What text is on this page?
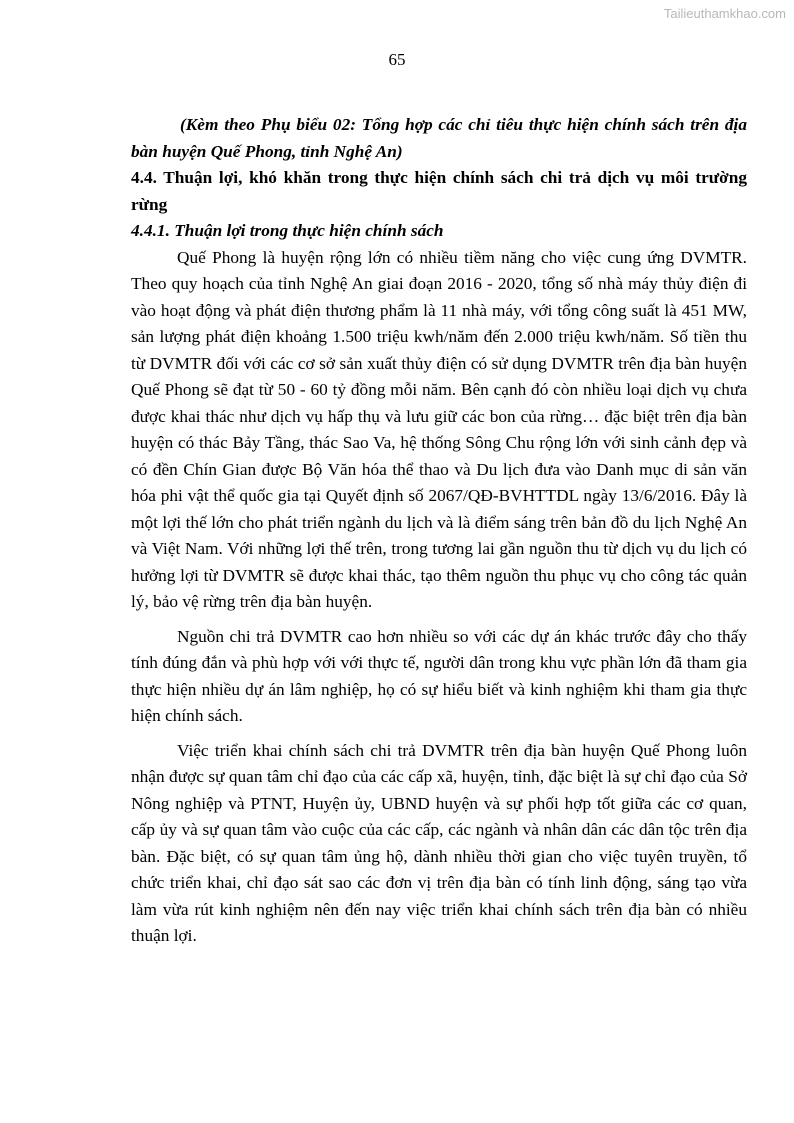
Tailieuthamkhao.com
65

(Kèm theo Phụ biểu 02: Tổng hợp các chỉ tiêu thực hiện chính sách trên địa bàn huyện Quế Phong, tỉnh Nghệ An)

4.4. Thuận lợi, khó khăn trong thực hiện chính sách chi trả dịch vụ môi trường rừng

4.4.1. Thuận lợi trong thực hiện chính sách

Quế Phong là huyện rộng lớn có nhiều tiềm năng cho việc cung ứng DVMTR. Theo quy hoạch của tỉnh Nghệ An giai đoạn 2016 - 2020, tổng số nhà máy thủy điện đi vào hoạt động và phát điện thương phẩm là 11 nhà máy, với tổng công suất là 451 MW, sản lượng phát điện khoảng 1.500 triệu kwh/năm đến 2.000 triệu kwh/năm. Số tiền thu từ DVMTR đối với các cơ sở sản xuất thủy điện có sử dụng DVMTR trên địa bàn huyện Quế Phong sẽ đạt từ 50 - 60 tỷ đồng mỗi năm. Bên cạnh đó còn nhiều loại dịch vụ chưa được khai thác như dịch vụ hấp thụ và lưu giữ các bon của rừng… đặc biệt trên địa bàn huyện có thác Bảy Tầng, thác Sao Va, hệ thống Sông Chu rộng lớn với sinh cảnh đẹp và có đền Chín Gian được Bộ Văn hóa thể thao và Du lịch đưa vào Danh mục di sản văn hóa phi vật thể quốc gia tại Quyết định số 2067/QĐ-BVHTTDL ngày 13/6/2016. Đây là một lợi thế lớn cho phát triển ngành du lịch và là điểm sáng trên bản đồ du lịch Nghệ An và Việt Nam. Với những lợi thế trên, trong tương lai gần nguồn thu từ dịch vụ du lịch có hưởng lợi từ DVMTR sẽ được khai thác, tạo thêm nguồn thu phục vụ cho công tác quản lý, bảo vệ rừng trên địa bàn huyện.

Nguồn chi trả DVMTR cao hơn nhiều so với các dự án khác trước đây cho thấy tính đúng đắn và phù hợp với với thực tế, người dân trong khu vực phần lớn đã tham gia thực hiện nhiều dự án lâm nghiệp, họ có sự hiểu biết và kinh nghiệm khi tham gia thực hiện chính sách.

Việc triển khai chính sách chi trả DVMTR trên địa bàn huyện Quế Phong luôn nhận được sự quan tâm chỉ đạo của các cấp xã, huyện, tỉnh, đặc biệt là sự chỉ đạo của Sở Nông nghiệp và PTNT, Huyện ủy, UBND huyện và sự phối hợp tốt giữa các cơ quan, cấp ủy và sự quan tâm vào cuộc của các cấp, các ngành và nhân dân các dân tộc trên địa bàn. Đặc biệt, có sự quan tâm ủng hộ, dành nhiều thời gian cho việc tuyên truyền, tổ chức triển khai, chỉ đạo sát sao các đơn vị trên địa bàn có tính linh động, sáng tạo vừa làm vừa rút kinh nghiệm nên đến nay việc triển khai chính sách trên địa bàn có nhiều thuận lợi.
